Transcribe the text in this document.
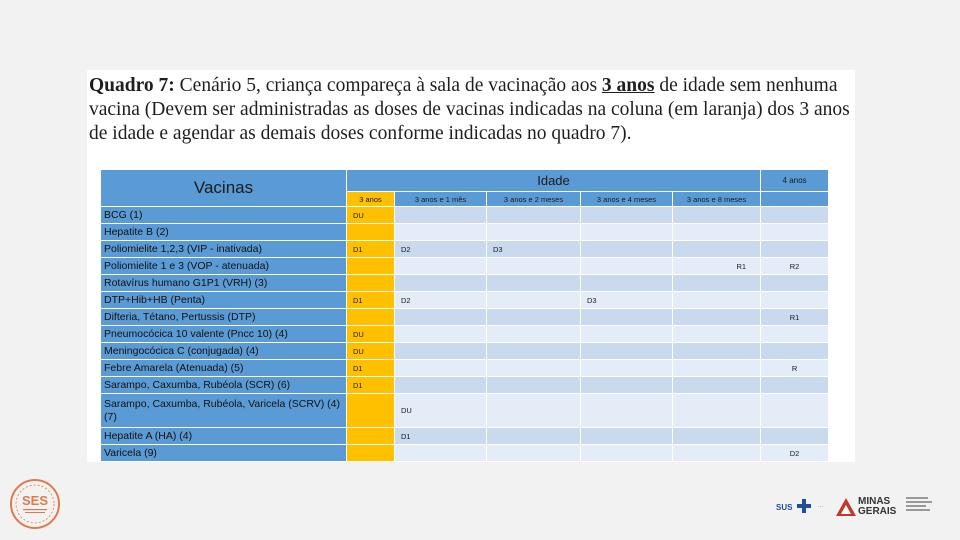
Quadro 7: Cenário 5, criança compareça à sala de vacinação aos 3 anos de idade sem nenhuma vacina (Devem ser administradas as doses de vacinas indicadas na coluna (em laranja) dos 3 anos de idade e agendar as demais doses conforme indicadas no quadro 7).
Vacinas	Idade					4 anos
	3 anos	3 anos e 1 mês	3 anos e 2 meses	3 anos e 4 meses	3 anos e 8 meses	
BCG (1)	DU					
Hepatite B (2)						
Poliomielite 1,2,3 (VIP - inativada)	D1	D2	D3			
Poliomielite 1 e 3 (VOP - atenuada)					R1	R2
Rotavírus humano G1P1 (VRH) (3)						
DTP+Hib+HB (Penta)	D1	D2		D3		
Difteria, Tétano, Pertussis (DTP)						R1
Pneumocócica 10 valente (Pncc 10) (4)	DU					
Meningocócica C (conjugada) (4)	DU					
Febre Amarela (Atenuada) (5)	D1					R
Sarampo, Caxumba, Rubéola (SCR) (6)	D1					
Sarampo, Caxumba, Rubéola, Varicela (SCRV) (4) (7)		DU				
Hepatite A (HA) (4)		D1				
Varicela (9)						D2
SES	SUS	···	MINAS
GERAIS
